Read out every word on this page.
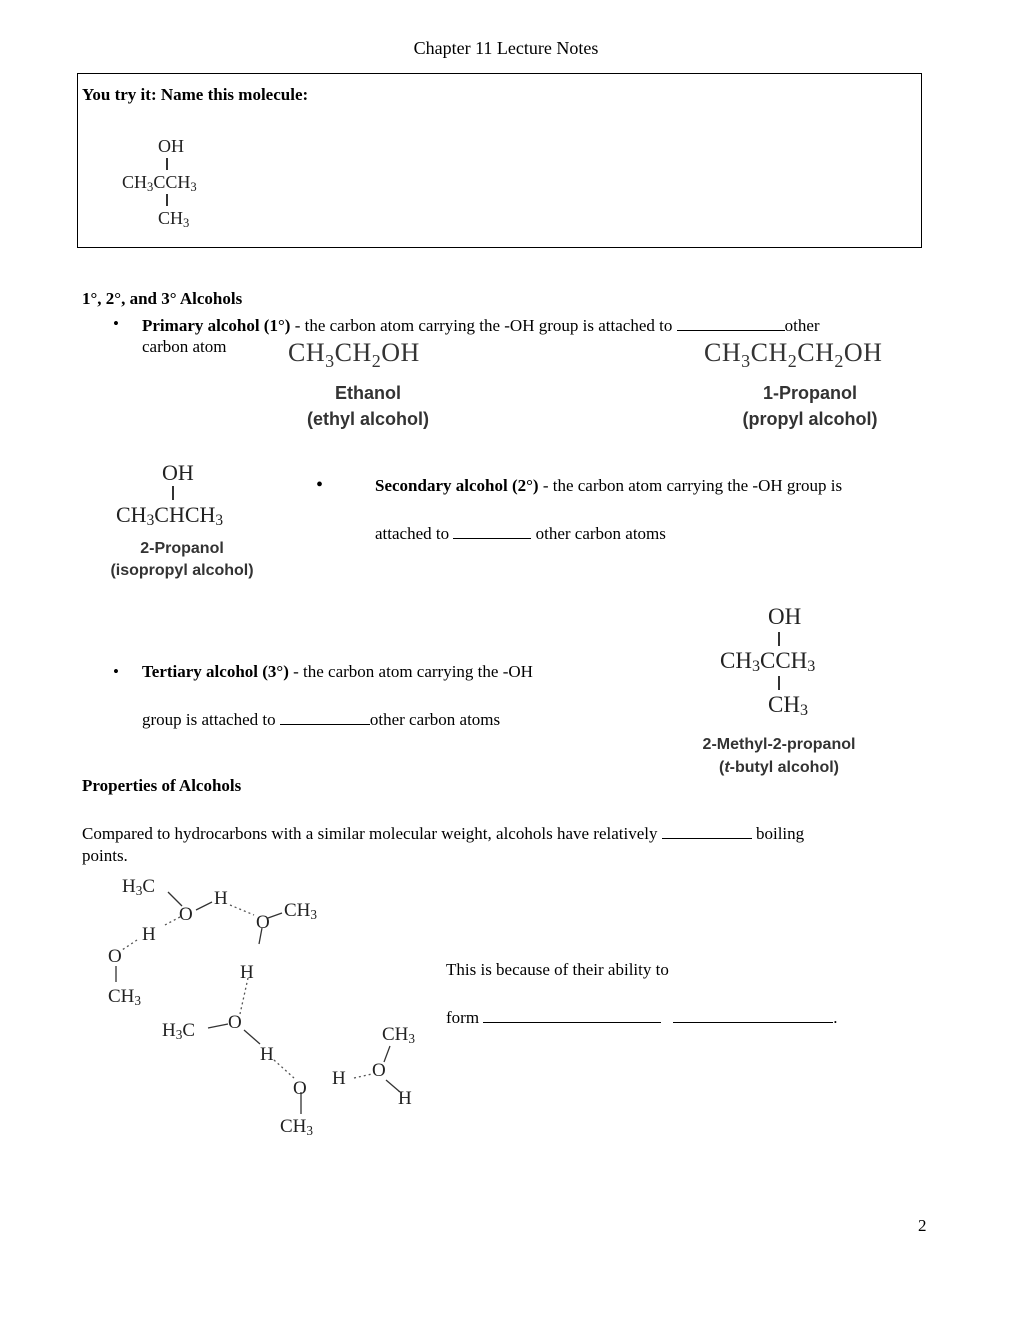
Chapter 11 Lecture Notes
You try it: Name this molecule:
OH
$CH_3CCH_3$
$CH_3$
1°, 2°, and 3° Alcohols
• Primary alcohol (1°) - the carbon atom carrying the -OH group is attached to	other
carbon atom $CH_3CH_2OH$
Ethanol
(ethyl alcohol)
$CH_3CH_2CH_2OH$
1-Propanol
(propyl alcohol)
OH
$CH_3CHCH_3$
2-Propanol
(isopropyl alcohol)
•	Secondary alcohol (2°) - the carbon atom carrying the -OH group is
attached to	other carbon atoms
OH
$CH_3CCH_3$
$CH_3$
2-Methyl-2-propanol
(t-butyl alcohol)
• Tertiary alcohol (3°) - the carbon atom carrying the -OH
group is attached to	other carbon atoms
Properties of Alcohols
Compared to hydrocarbons with a similar molecular weight, alcohols have relatively	boiling
points.
$H_3C$
O
H
O
$CH_3$
H
O
$CH_3$
H
$H_3C$ O
H
O H O
$CH_3$
H
$CH_3$
This is because of their ability to
form	.
2
